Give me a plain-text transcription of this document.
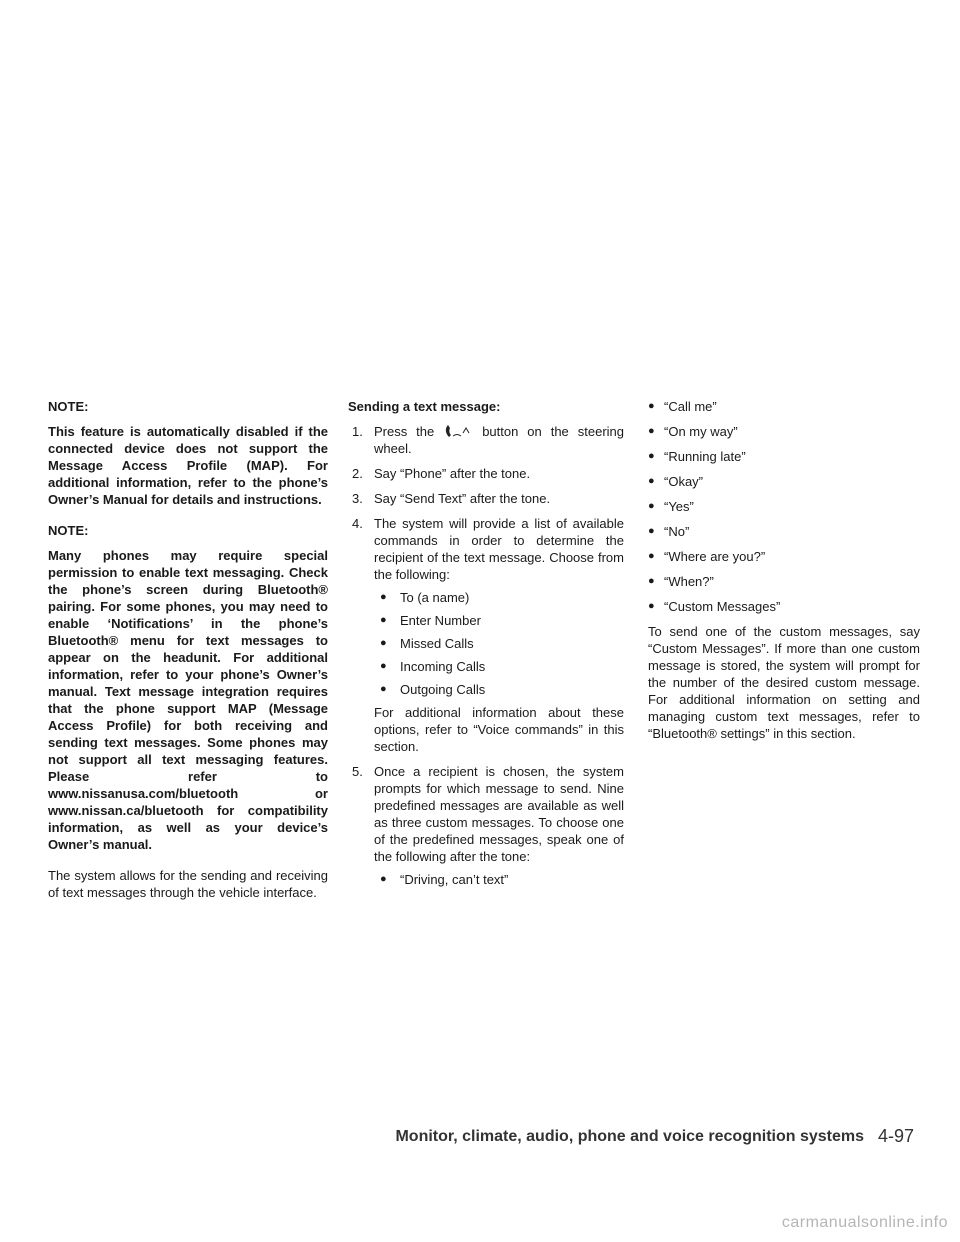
NOTE:

This feature is automatically disabled if the connected device does not support the Message Access Profile (MAP). For additional information, refer to the phone’s Owner’s Manual for details and instructions.

NOTE:

Many phones may require special permission to enable text messaging. Check the phone’s screen during Bluetooth® pairing. For some phones, you may need to enable ‘Notifications’ in the phone’s Bluetooth® menu for text messages to appear on the headunit. For additional information, refer to your phone’s Owner’s manual. Text message integration requires that the phone support MAP (Message Access Profile) for both receiving and sending text messages. Some phones may not support all text messaging features. Please refer to www.nissanusa.com/bluetooth or www.nissan.ca/bluetooth for compatibility information, as well as your device’s Owner’s manual.

The system allows for the sending and receiving of text messages through the vehicle interface.

Sending a text message:

1. Press the	button on the steering wheel.
2. Say “Phone” after the tone.
3. Say “Send Text” after the tone.
4. The system will provide a list of available commands in order to determine the recipient of the text message. Choose from the following:
● To (a name)
● Enter Number
● Missed Calls
● Incoming Calls
● Outgoing Calls

For additional information about these options, refer to “Voice commands” in this section.

5. Once a recipient is chosen, the system prompts for which message to send. Nine predefined messages are available as well as three custom messages. To choose one of the predefined messages, speak one of the following after the tone:
● “Driving, can’t text”
● “Call me”
● “On my way”
● “Running late”
● “Okay”
● “Yes”
● “No”
● “Where are you?”
● “When?”
● “Custom Messages”

To send one of the custom messages, say “Custom Messages”. If more than one custom message is stored, the system will prompt for the number of the desired custom message. For additional information on setting and managing custom text messages, refer to “Bluetooth® settings” in this section.

Monitor, climate, audio, phone and voice recognition systems 4-97
carmanualsonline.info
